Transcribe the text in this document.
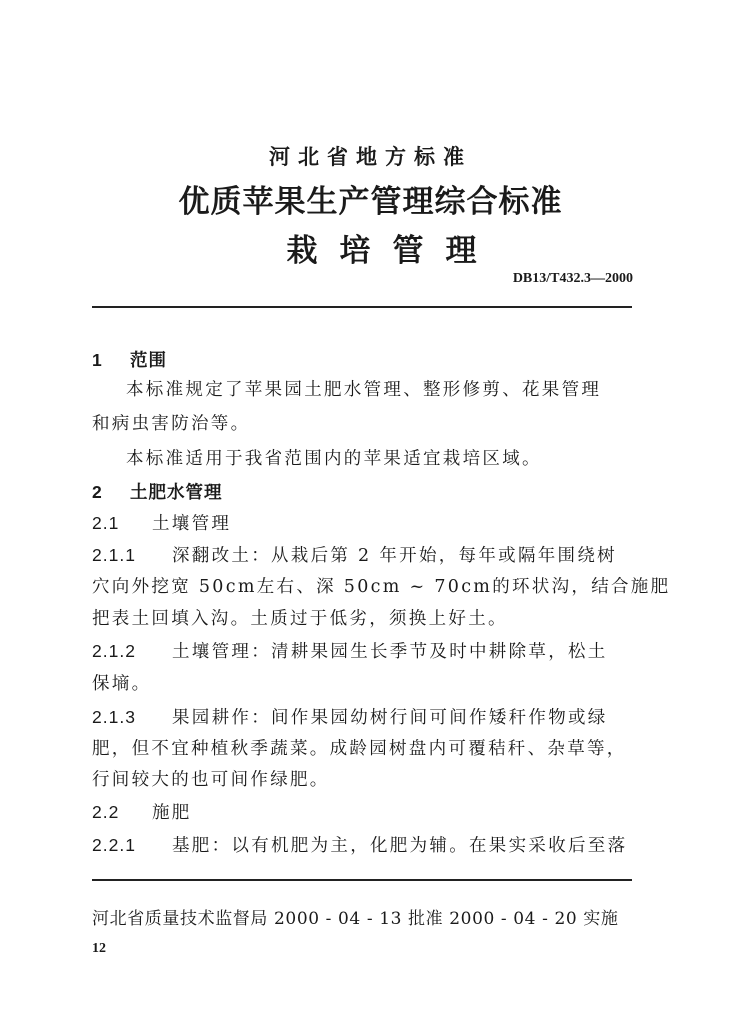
河北省地方标准
优质苹果生产管理综合标准
栽培管理
DB13/T432.3—2000
1 范围
本标准规定了苹果园土肥水管理、整形修剪、花果管理
和病虫害防治等。
本标准适用于我省范围内的苹果适宜栽培区域。
2 土肥水管理
2.1 土壤管理
2.1.1 深翻改土：从栽后第 2 年开始，每年或隔年围绕树
穴向外挖宽 50cm左右、深 50cm ~ 70cm的环状沟，结合施肥
把表土回填入沟。土质过于低劣，须换上好土。
2.1.2 土壤管理：清耕果园生长季节及时中耕除草，松土
保墒。
2.1.3 果园耕作：间作果园幼树行间可间作矮秆作物或绿
肥，但不宜种植秋季蔬菜。成龄园树盘内可覆秸秆、杂草等，
行间较大的也可间作绿肥。
2.2 施肥
2.2.1 基肥：以有机肥为主，化肥为辅。在果实采收后至落
河北省质量技术监督局 2000 - 04 - 13 批准 2000 - 04 - 20 实施
12
